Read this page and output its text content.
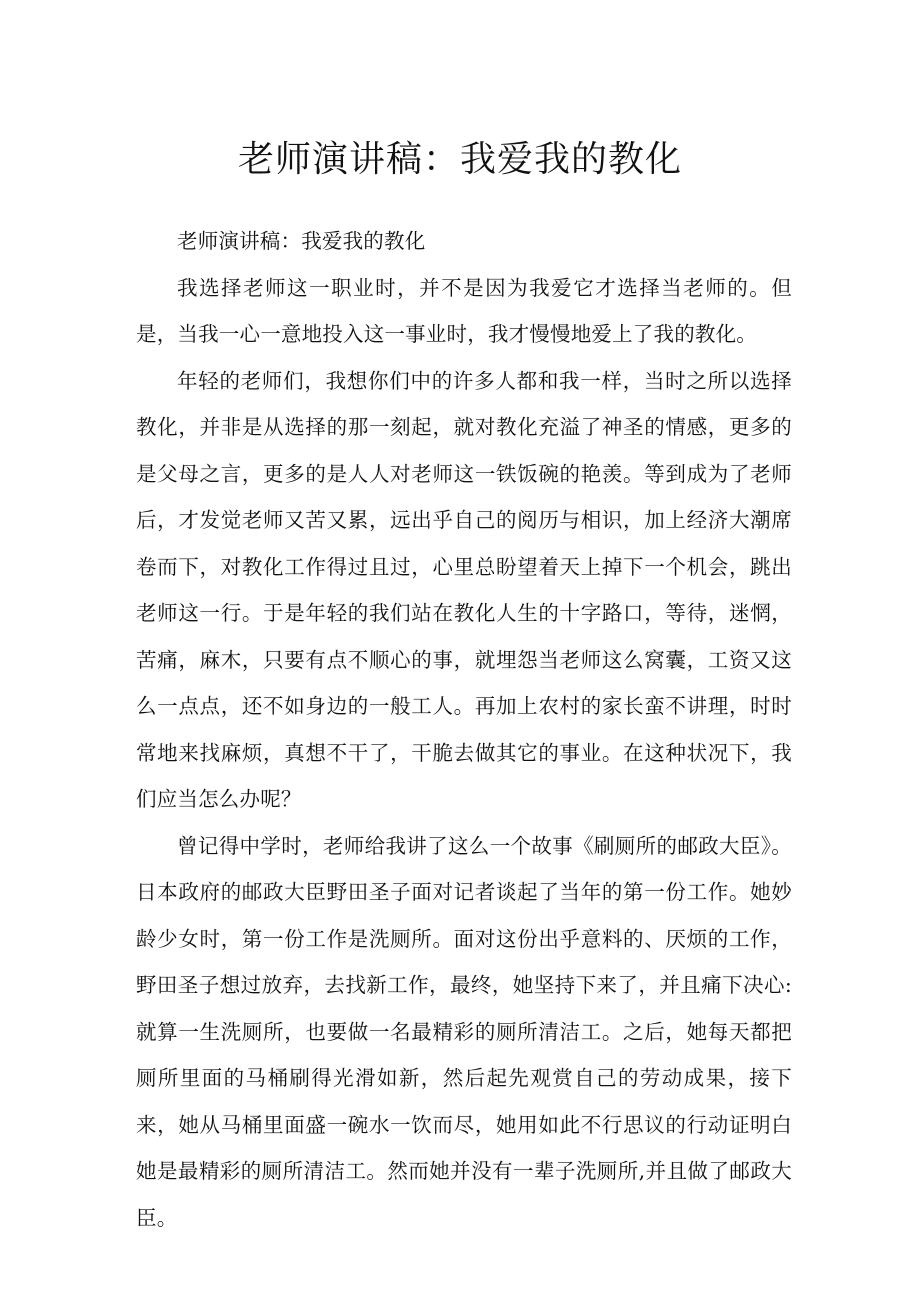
老师演讲稿：我爱我的教化

老师演讲稿：我爱我的教化

我选择老师这一职业时，并不是因为我爱它才选择当老师的。但是，当我一心一意地投入这一事业时，我才慢慢地爱上了我的教化。

年轻的老师们，我想你们中的许多人都和我一样，当时之所以选择教化，并非是从选择的那一刻起，就对教化充溢了神圣的情感，更多的是父母之言，更多的是人人对老师这一铁饭碗的艳羡。等到成为了老师后，才发觉老师又苦又累，远出乎自己的阅历与相识，加上经济大潮席卷而下，对教化工作得过且过，心里总盼望着天上掉下一个机会，跳出老师这一行。于是年轻的我们站在教化人生的十字路口，等待，迷惘，苦痛，麻木，只要有点不顺心的事，就埋怨当老师这么窝囊，工资又这么一点点，还不如身边的一般工人。再加上农村的家长蛮不讲理，时时常地来找麻烦，真想不干了，干脆去做其它的事业。在这种状况下，我们应当怎么办呢？

曾记得中学时，老师给我讲了这么一个故事《刷厕所的邮政大臣》。日本政府的邮政大臣野田圣子面对记者谈起了当年的第一份工作。她妙龄少女时，第一份工作是洗厕所。面对这份出乎意料的、厌烦的工作，野田圣子想过放弃，去找新工作，最终，她坚持下来了，并且痛下决心:就算一生洗厕所，也要做一名最精彩的厕所清洁工。之后，她每天都把厕所里面的马桶刷得光滑如新，然后起先观赏自己的劳动成果，接下来，她从马桶里面盛一碗水一饮而尽，她用如此不行思议的行动证明白她是最精彩的厕所清洁工。然而她并没有一辈子洗厕所,并且做了邮政大臣。
